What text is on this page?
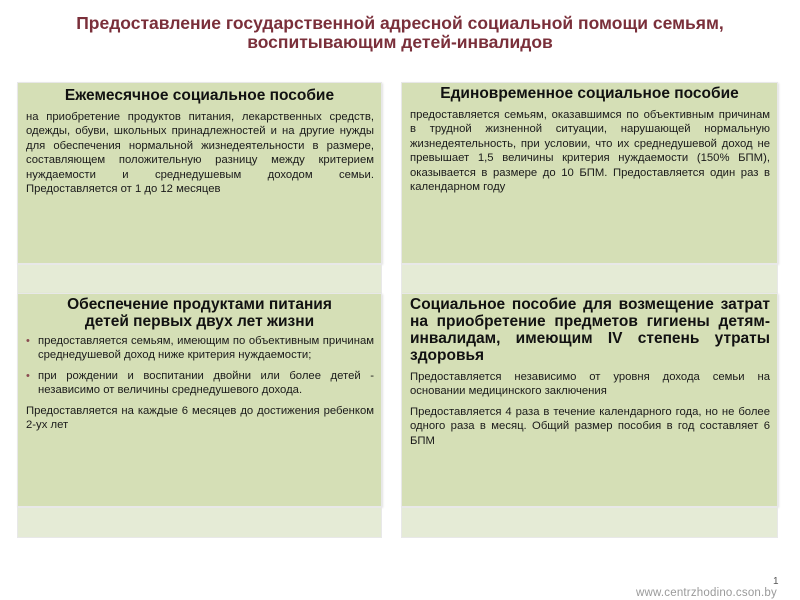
Предоставление государственной адресной социальной помощи семьям,
воспитывающим детей-инвалидов

Ежемесячное социальное пособие

на приобретение продуктов питания, лекарственных средств, одежды, обуви, школьных принадлежностей и на другие нужды для обеспечения нормальной жизнедеятельности в размере, составляющем положительную разницу между критерием нуждаемости и среднедушевым доходом семьи. Предоставляется от 1 до 12 месяцев

Единовременное социальное пособие

предоставляется семьям, оказавшимся по объективным причинам в трудной жизненной ситуации, нарушающей нормальную жизнедеятельность, при условии, что их среднедушевой доход не превышает 1,5 величины критерия нуждаемости (150% БПМ), оказывается в размере до 10 БПМ. Предоставляется один раз в календарном году

Обеспечение продуктами питания
детей первых двух лет жизни

• предоставляется семьям, имеющим по объективным причинам среднедушевой доход ниже критерия нуждаемости;
• при рождении и воспитании двойни или более детей - независимо от величины среднедушевого дохода.

Предоставляется на каждые 6 месяцев до достижения ребенком 2-ух лет

Социальное пособие для возмещение затрат на приобретение предметов гигиены детям-инвалидам, имеющим IV степень утраты здоровья

Предоставляется независимо от уровня дохода семьи на основании медицинского заключения

Предоставляется 4 раза в течение календарного года, но не более одного раза в месяц. Общий размер пособия в год составляет 6 БПМ

1
www.centrzhodino.cson.by
